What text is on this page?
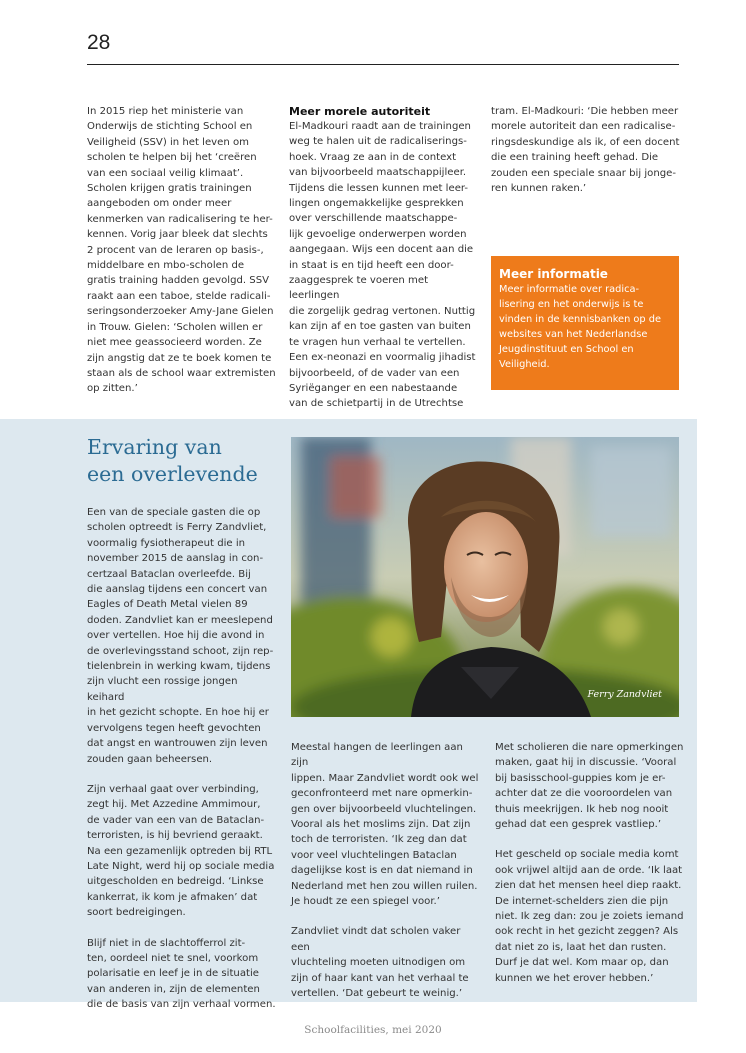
28

In 2015 riep het ministerie van
Onderwijs de stichting School en
Veiligheid (SSV) in het leven om
scholen te helpen bij het ‘creëren
van een sociaal veilig klimaat’.
Scholen krijgen gratis trainingen
aangeboden om onder meer
kenmerken van radicalisering te her-
kennen. Vorig jaar bleek dat slechts
2 procent van de leraren op basis-,
middelbare en mbo-scholen de
gratis training hadden gevolgd. SSV
raakt aan een taboe, stelde radicali-
seringsonderzoeker Amy-Jane Gielen
in Trouw. Gielen: ‘Scholen willen er
niet mee geassocieerd worden. Ze
zijn angstig dat ze te boek komen te
staan als de school waar extremisten
op zitten.’

Meer morele autoriteit

El-Madkouri raadt aan de trainingen
weg te halen uit de radicaliserings-
hoek. Vraag ze aan in de context
van bijvoorbeeld maatschappijleer.
Tijdens die lessen kunnen met leer-
lingen ongemakkelijke gesprekken
over verschillende maatschappe-
lijk gevoelige onderwerpen worden
aangegaan. Wijs een docent aan die
in staat is en tijd heeft een door-
zaaggesprek te voeren met leerlingen
die zorgelijk gedrag vertonen. Nuttig
kan zijn af en toe gasten van buiten
te vragen hun verhaal te vertellen.
Een ex-neonazi en voormalig jihadist
bijvoorbeeld, of de vader van een
Syriëganger en een nabestaande
van de schietpartij in de Utrechtse

tram. El-Madkouri: ‘Die hebben meer
morele autoriteit dan een radicalise-
ringsdeskundige als ik, of een docent
die een training heeft gehad. Die
zouden een speciale snaar bij jonge-
ren kunnen raken.’

Meer informatie

Meer informatie over radica-
lisering en het onderwijs is te
vinden in de kennisbanken op de
websites van het Nederlandse
Jeugdinstituut en School en
Veiligheid.

Ervaring van
een overlevende
Ferry Zandvliet

Een van de speciale gasten die op
scholen optreedt is Ferry Zandvliet,
voormalig fysiotherapeut die in
november 2015 de aanslag in con-
certzaal Bataclan overleefde. Bij
die aanslag tijdens een concert van
Eagles of Death Metal vielen 89
doden. Zandvliet kan er meeslepend
over vertellen. Hoe hij die avond in
de overlevingsstand schoot, zijn rep-
tielenbrein in werking kwam, tijdens
zijn vlucht een rossige jongen keihard
in het gezicht schopte. En hoe hij er
vervolgens tegen heeft gevochten
dat angst en wantrouwen zijn leven
zouden gaan beheersen.

Zijn verhaal gaat over verbinding,
zegt hij. Met Azzedine Ammimour,
de vader van een van de Bataclan-
terroristen, is hij bevriend geraakt.
Na een gezamenlijk optreden bij RTL
Late Night, werd hij op sociale media
uitgescholden en bedreigd. ‘Linkse
kankerrat, ik kom je afmaken’ dat
soort bedreigingen.

Blijf niet in de slachtofferrol zit-
ten, oordeel niet te snel, voorkom
polarisatie en leef je in de situatie
van anderen in, zijn de elementen
die de basis van zijn verhaal vormen.

Meestal hangen de leerlingen aan zijn
lippen. Maar Zandvliet wordt ook wel
geconfronteerd met nare opmerkin-
gen over bijvoorbeeld vluchtelingen.
Vooral als het moslims zijn. Dat zijn
toch de terroristen. ‘Ik zeg dan dat
voor veel vluchtelingen Bataclan
dagelijkse kost is en dat niemand in
Nederland met hen zou willen ruilen.
Je houdt ze een spiegel voor.’

Zandvliet vindt dat scholen vaker een
vluchteling moeten uitnodigen om
zijn of haar kant van het verhaal te
vertellen. ‘Dat gebeurt te weinig.’

Met scholieren die nare opmerkingen
maken, gaat hij in discussie. ‘Vooral
bij basisschool-guppies kom je er-
achter dat ze die vooroordelen van
thuis meekrijgen. Ik heb nog nooit
gehad dat een gesprek vastliep.’

Het gescheld op sociale media komt
ook vrijwel altijd aan de orde. ‘Ik laat
zien dat het mensen heel diep raakt.
De internet-schelders zien die pijn
niet. Ik zeg dan: zou je zoiets iemand
ook recht in het gezicht zeggen? Als
dat niet zo is, laat het dan rusten.
Durf je dat wel. Kom maar op, dan
kunnen we het erover hebben.’

Schoolfacilities, mei 2020
